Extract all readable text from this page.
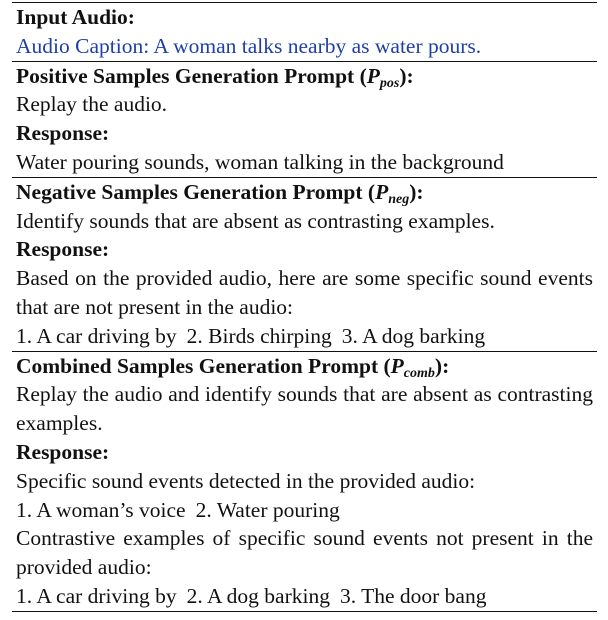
Input Audio:
Audio Caption: A woman talks nearby as water pours.
Positive Samples Generation Prompt $(P_{pos})$:
Replay the audio.
Response:
Water pouring sounds, woman talking in the background
Negative Samples Generation Prompt $(P_{neg})$:
Identify sounds that are absent as contrasting examples.
Response:
Based on the provided audio, here are some specific sound events that are not present in the audio:
1. A car driving by 2. Birds chirping 3. A dog barking
Combined Samples Generation Prompt $(P_{comb})$:
Replay the audio and identify sounds that are absent as contrasting examples.
Response:
Specific sound events detected in the provided audio:
1. A woman’s voice 2. Water pouring
Contrastive examples of specific sound events not present in the provided audio:
1. A car driving by 2. A dog barking 3. The door bang
